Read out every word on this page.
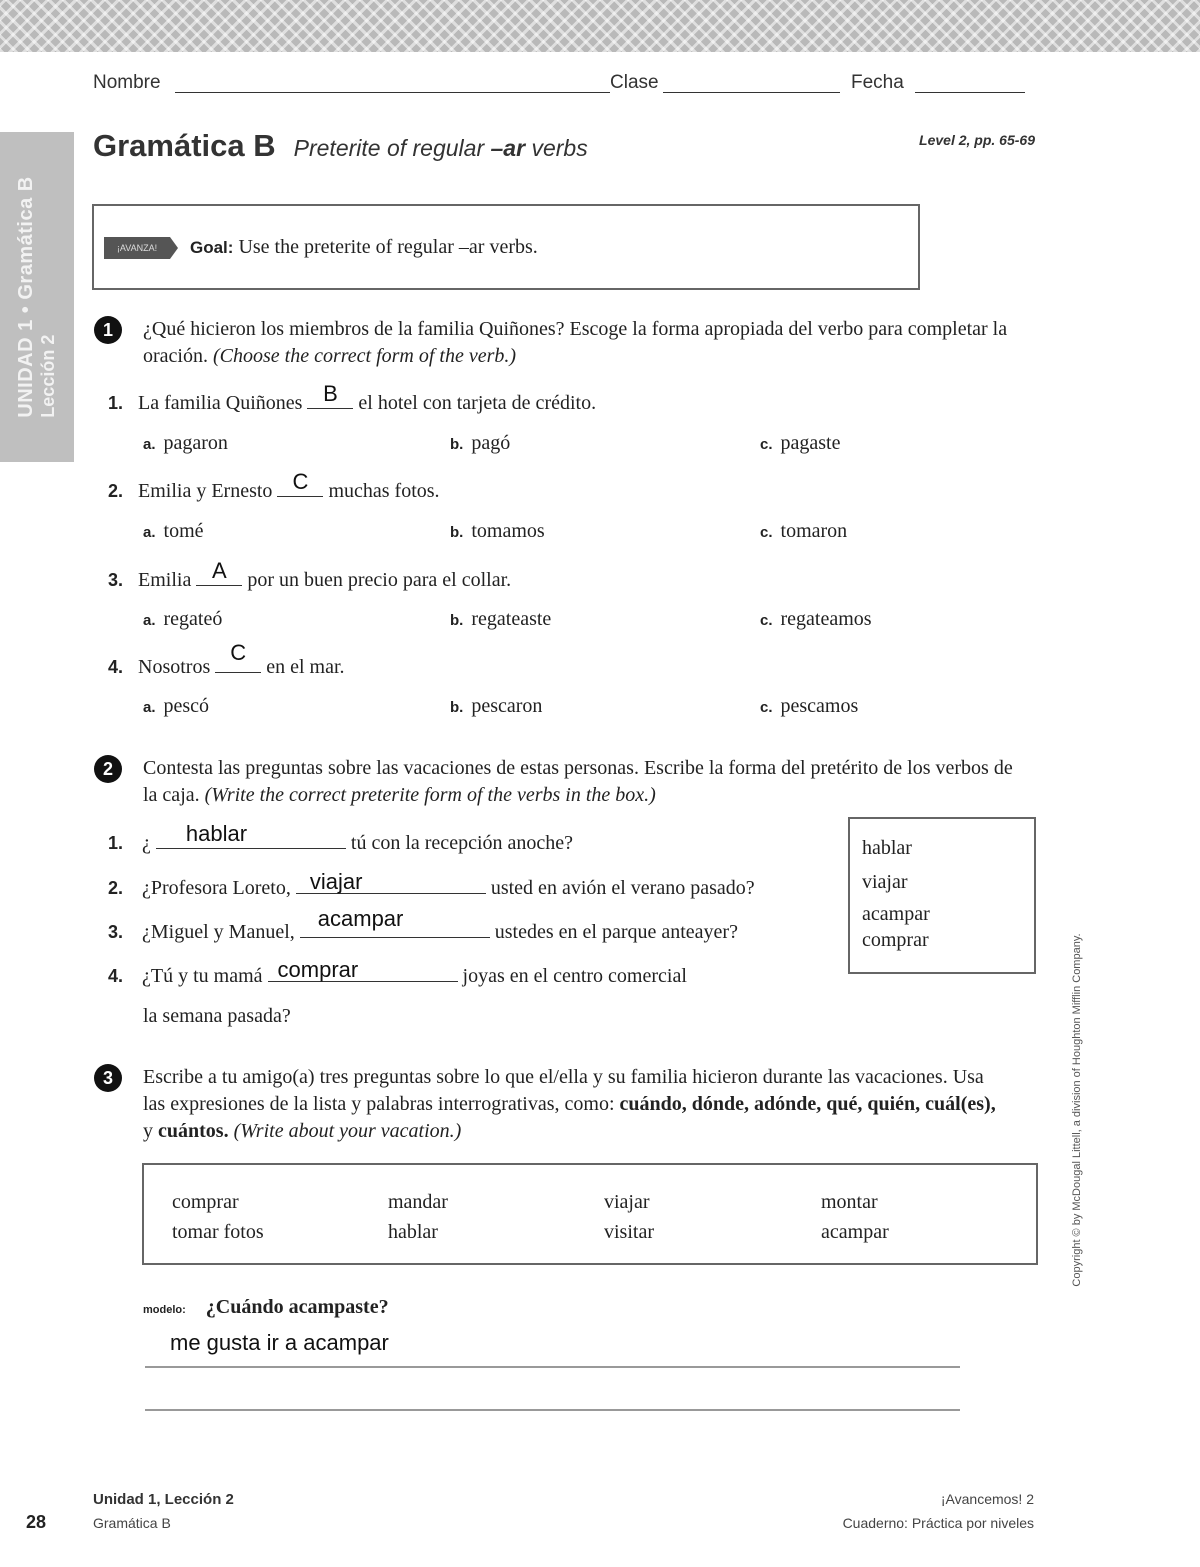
UNIDAD 1 • Gramática B Lección 2
Nombre	Clase	Fecha
Gramática B Preterite of regular –ar verbs	Level 2, pp. 65-69
¡AVANZA!	Goal: Use the preterite of regular –ar verbs.
1	¿Qué hicieron los miembros de la familia Quiñones? Escoge la forma apropiada del verbo para completar la oración. (Choose the correct form of the verb.)
1. La familia Quiñones B	el hotel con tarjeta de crédito.
a. pagaron	b. pagó	c. pagaste
2. Emilia y Ernesto C	muchas fotos.
a. tomé	b. tomamos	c. tomaron
3. Emilia A	por un buen precio para el collar.
a. regateó	b. regateaste	c. regateamos
4. Nosotros
C
en el mar.
a. pescó	b. pescaron	c. pescamos
2	Contesta las preguntas sobre las vacaciones de estas personas. Escribe la forma del pretérito de los verbos de la caja. (Write the correct preterite form of the verbs in the box.)
1. ¿ hablar	tú con la recepción anoche?
2. ¿Profesora Loreto, viajar	usted en avión el verano pasado?
3. ¿Miguel y Manuel,
acampar
ustedes en el parque anteayer?
4. ¿Tú y tu mamá comprar	joyas en el centro comercial
la semana pasada?
hablar
viajar
acampar
comprar
3	Escribe a tu amigo(a) tres preguntas sobre lo que el/ella y su familia hicieron durante las vacaciones. Usa las expresiones de la lista y palabras interrogrativas, como: cuándo, dónde, adónde, qué, quién, cuál(es), y cuántos. (Write about your vacation.)
comprar	mandar	viajar	montar
tomar fotos	hablar	visitar	acampar
modelo: ¿Cuándo acampaste?
me gusta ir a acampar
Copyright © by McDougal Littell, a division of Houghton Mifflin Company.
28
Unidad 1, Lección 2
Gramática B
¡Avancemos! 2
Cuaderno: Práctica por niveles
